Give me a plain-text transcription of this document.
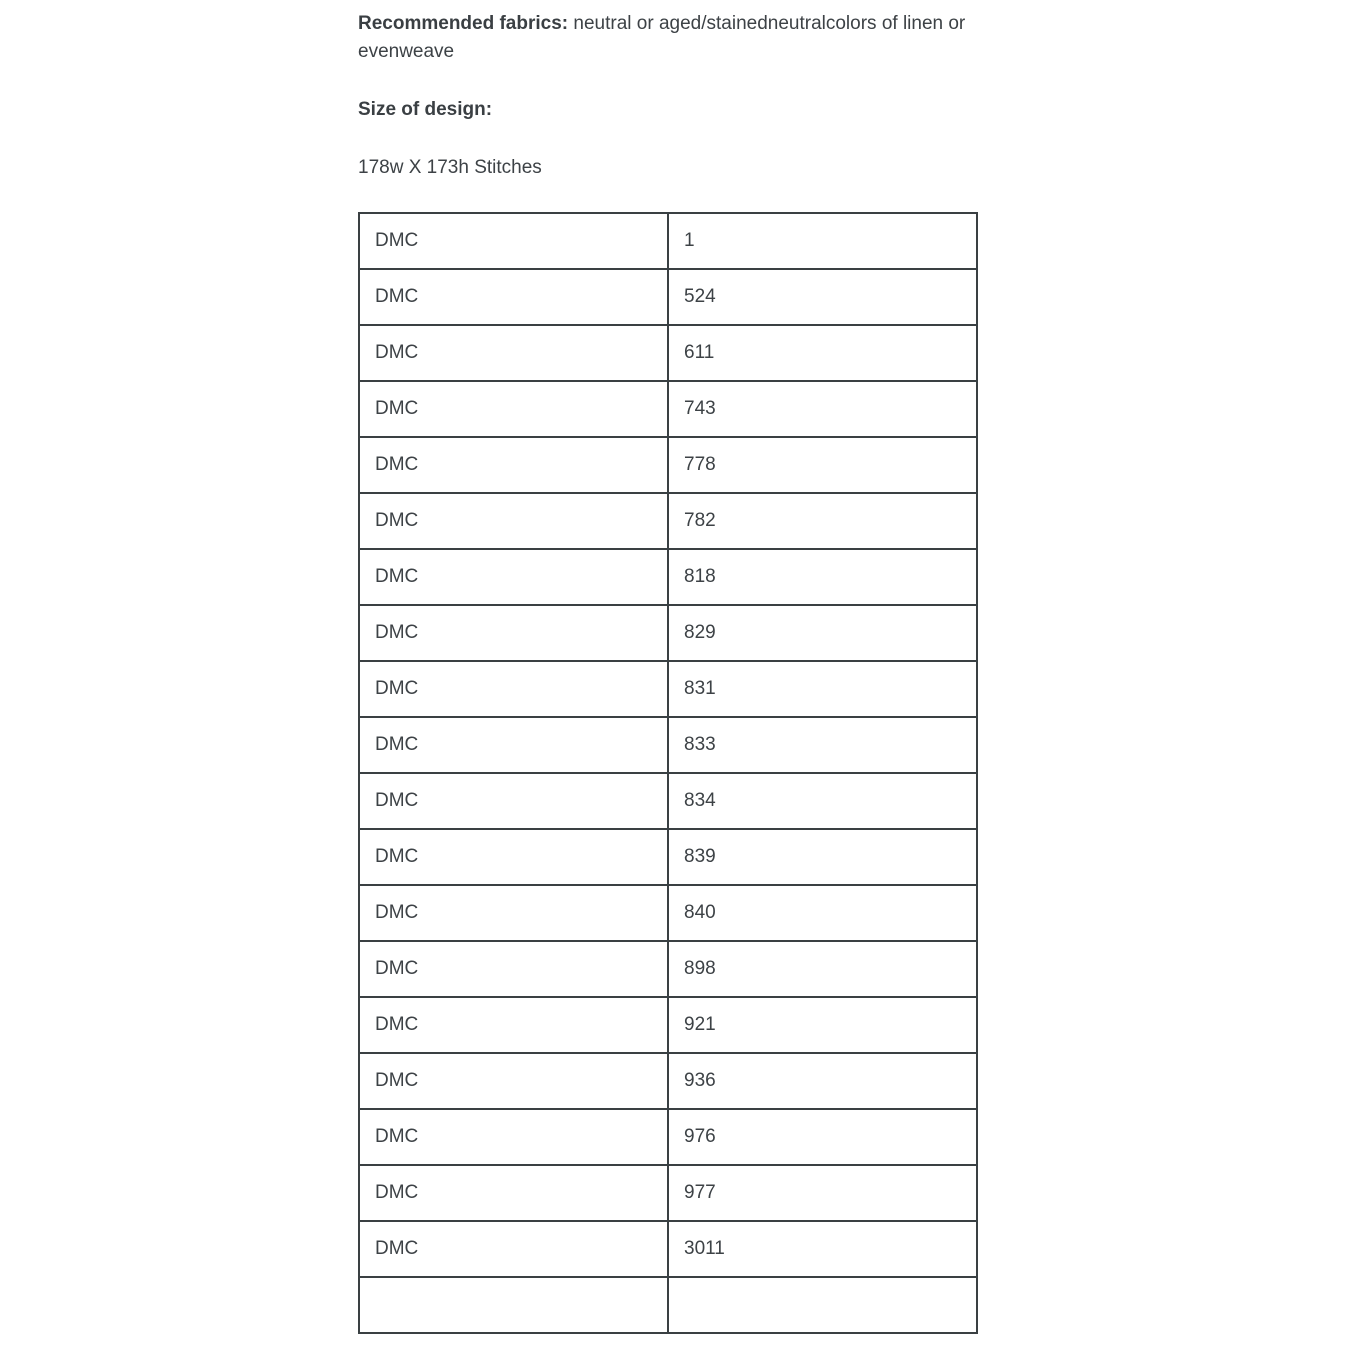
Recommended fabrics: neutral or aged/stainedneutralcolors of linen or evenweave

Size of design:

178w X 173h Stitches

DMC	1
DMC	524
DMC	611
DMC	743
DMC	778
DMC	782
DMC	818
DMC	829
DMC	831
DMC	833
DMC	834
DMC	839
DMC	840
DMC	898
DMC	921
DMC	936
DMC	976
DMC	977
DMC	3011
